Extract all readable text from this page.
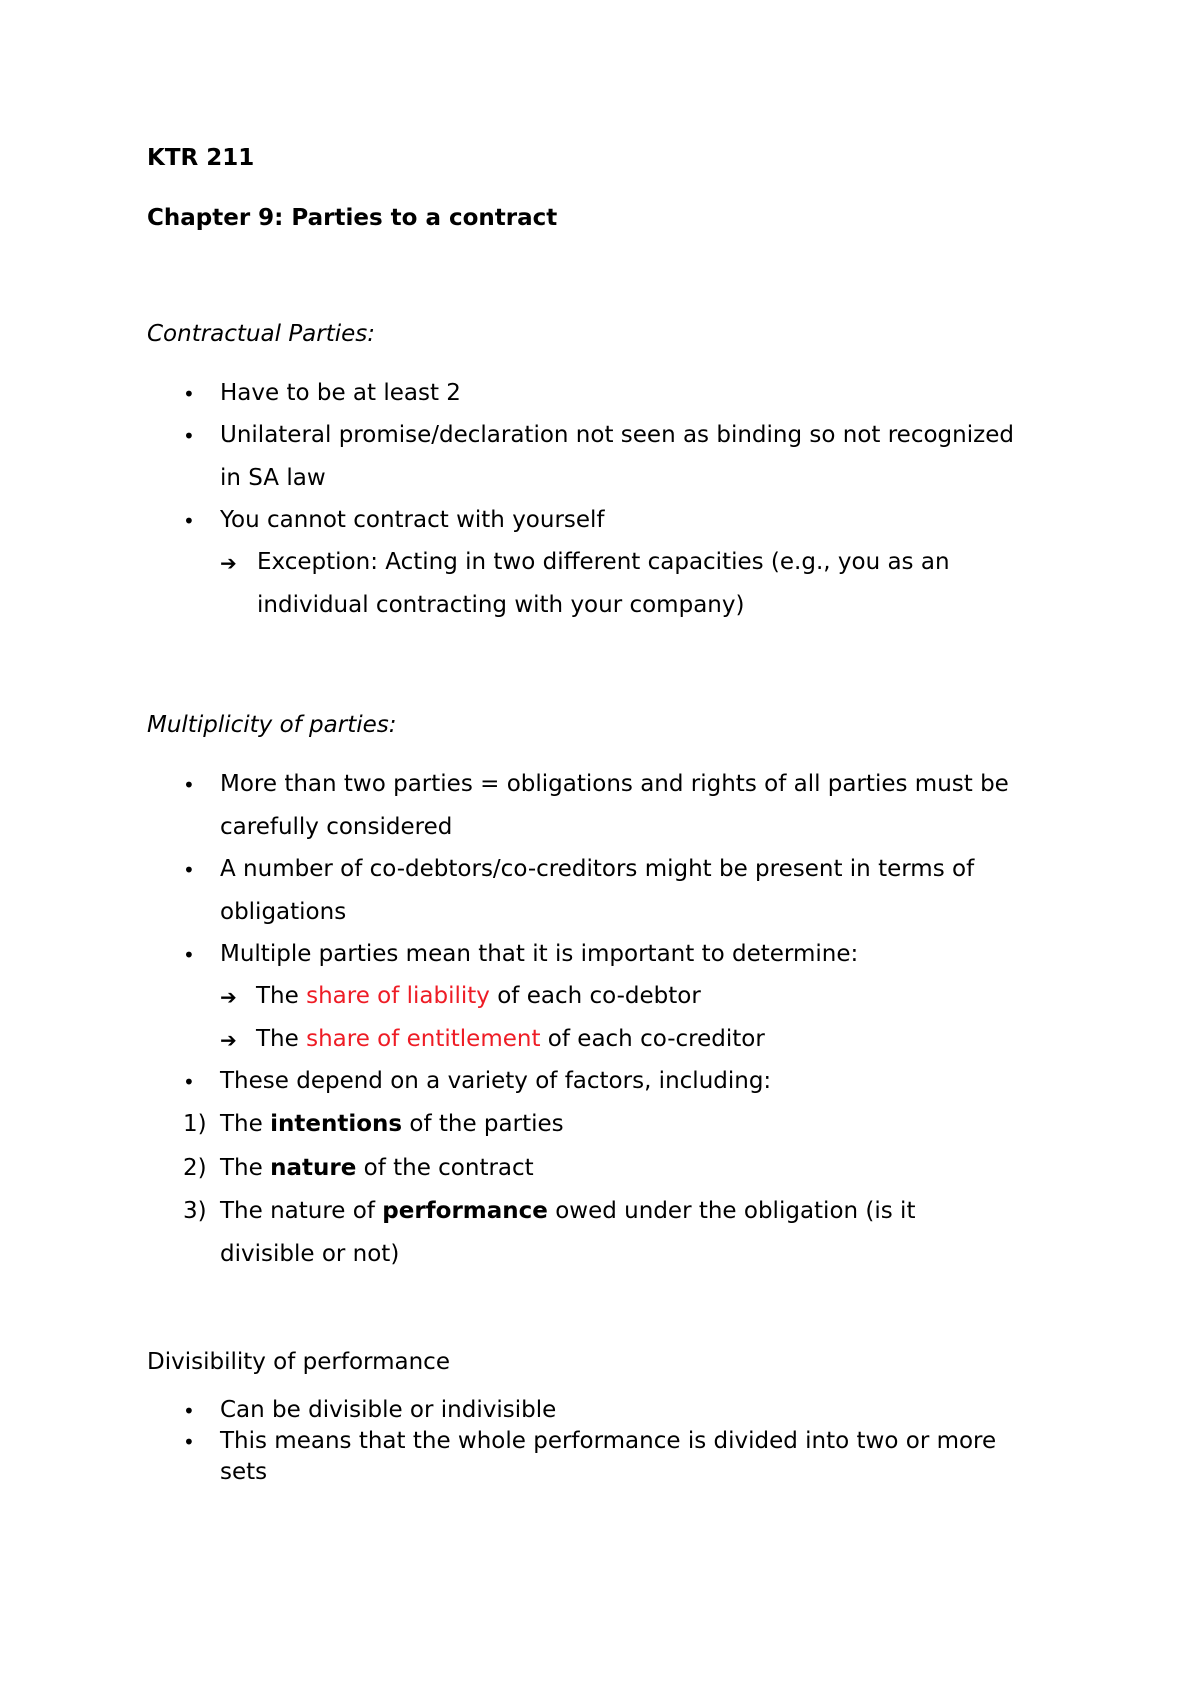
KTR 211

Chapter 9: Parties to a contract

Contractual Parties:

• Have to be at least 2

• Unilateral promise/declaration not seen as binding so not recognized

in SA law

• You cannot contract with yourself

➔ Exception: Acting in two different capacities (e.g., you as an

individual contracting with your company)

Multiplicity of parties:

• More than two parties = obligations and rights of all parties must be

carefully considered

• A number of co-debtors/co-creditors might be present in terms of

obligations

• Multiple parties mean that it is important to determine:

➔ The share of liability of each co-debtor

➔ The share of entitlement of each co-creditor

• These depend on a variety of factors, including:

1) The intentions of the parties

2) The nature of the contract

3) The nature of performance owed under the obligation (is it

divisible or not)

Divisibility of performance

• Can be divisible or indivisible

• This means that the whole performance is divided into two or more

sets
